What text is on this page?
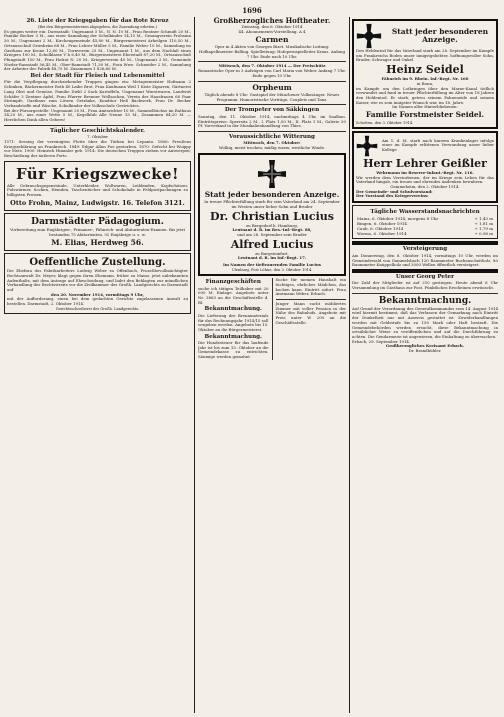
1696
26. Liste der Kriegsgaben für das Rote Kreuz
(Bei den Bürgermeistereien abgegeben, die Zusendung erbeten.)

Es gingen weiter ein: Darmstadt: Ungenannt 5 M., N. N. 10 M., Frau Rentner Schmidt 20 M., Familie Becker 3 M., aus einer Sammlung der Schulkinder 14,15 M., Gesangverein Frohsinn 30 M., Ungenannt 2 M., Kirchengemeinde 45,80 M., Bürgermeisterei Arheilgen 110,50 M., Ortsausschuß Griesheim 68 M., Frau Lehrer Müller 5 M., Familie Weber 10 M., Sammlung im Gasthaus zur Krone 12,60 M., Turnverein 25 M., Ungenannt 1 M., aus dem Nachlaß eines Kriegers 100 M., Schulklasse V b 6,40 M., Bürgermeisterei Eberstadt 87,20 M., Ortsausschuß Pfungstadt 150 M., Frau Hofrat N. 20 M., Kriegerverein 40 M., Ungenannt 3 M., Gemeinde Nieder-Ramstadt 56,45 M., Ober-Ramstadt 71,30 M., Frau Wwe. Schneider 2 M., Sammlung der Arbeiter der Fabrik 48,75 M. Zusammen 1 826,60 M.

Bei der Stadt für Fleisch und Lebensmittel

Für die Verpflegung durchziehender Truppen gingen ein: Metzgermeister Hofmann 2 Schinken, Bäckermeister Roth 40 Laibe Brot, Frau Kaufmann Weil 1 Kiste Zigarren, Gärtnerei Lang Obst und Gemüse, Familie Diehl 2 Sack Kartoffeln, Ungenannt Wurstwaren, Landwirt Schäfer 3 Zentner Äpfel, Frau Pfarrer Brenner Wollsachen, Verein der Hausfrauen 60 Paar Strümpfe, Gasthaus zum Löwen Getränke, Konditor Heß Backwerk, Frau Dr. Becker Verbandstoffe und Wäsche, Schulkinder der Volksschule Gestricktes.

Bei der Fürsorgestelle: Ungenannt 20 M., Frau Amtsrichter 10 M., Sammelbüchse im Rathaus 34,20 M., aus einer Wette 5 M., Kegelklub Alle Neune 15 M., Zusammen 84,20 M. — Herzlichen Dank allen Gebern!

Täglicher Geschichtskalender.
7. Oktober

1571: Seesieg der vereinigten Flotte über die Türken bei Lepanto. 1806: Preußens Kriegserklärung an Frankreich. 1849: Edgar Allan Poe gestorben. 1870: Gefecht bei Woippy vor Metz. 1900: Heinrich Himmler geb. 1914: Die deutschen Truppen stehen vor Antwerpen; Beschießung der äußeren Forts.

Für Kriegszwecke!

Alle Gebrauchsgegenstände, Unterkleider, Wollwaren, Leibbinden, Kopfschützer, Pulswärmer, Socken, Hemden, Taschentücher und Schokolade in Feldpostpackungen zu billigsten Preisen.

Otto Frohn, Mainz, Ludwigstr. 16. Telefon 3121.
Darmstädter Pädagogium.

Vorbereitung zum Einjährigen-, Primaner-, Fähnrich- und Abiturienten-Examen. Bis jetzt bestanden 75 Abiturienten, 92 Einjährige u. s. w.

M. Elias, Herdweg 56.
Oeffentliche Zustellung.

Die Ehefrau des Fabrikarbeiters Ludwig Weber zu Offenbach, Prozeßbevollmächtigter Rechtsanwalt Dr. Meyer, klagt gegen ihren Ehemann, früher zu Mainz, jetzt unbekannten Aufenthalts, mit dem Antrage auf Ehescheidung, und ladet den Beklagten zur mündlichen Verhandlung des Rechtsstreits vor die Zivilkammer des Großh. Landgerichts zu Darmstadt auf

den 20. November 1914, vormittags 9 Uhr,

mit der Aufforderung, einen bei dem gedachten Gerichte zugelassenen Anwalt zu bestellen. Darmstadt, 2. Oktober 1914.

Gerichtsschreiberei des Großh. Landgerichts.
Großherzogliches Hoftheater.
Dienstag, den 6. Oktober 1914
44. Abonnements-Vorstellung. A 4
Carmen

Oper in 4 Akten von Georges Bizet. Musikalische Leitung: Hofkapellmeister Balling. Spielleitung: Hofopernspielleiter Kraus. Anfang 7 Uhr. Ende nach 10 Uhr.

Mittwoch, den 7. Oktober 1914 — Der Freischütz

Romantische Oper in 3 Aufzügen von Carl Maria von Weber. Anfang 7 Uhr. Ende gegen 10 Uhr.

Orpheum

Täglich abends 8 Uhr: Gastspiel der Münchener Volkssänger. Neues Programm. Humoristische Vorträge, Couplets und Tanz.

Der Trompeter von Säkkingen

Sonntag, den 11. Oktober 1914, nachmittags 4 Uhr, im Saalbau. Eintrittspreise: Sperrsitz 2 M., I. Platz 1,50 M., II. Platz 1 M., Galerie 50 Pf. Vorverkauf in der Musikalienhandlung von Thies.

Voraussichtliche Witterung
Mittwoch, den 7. Oktober:
Wolkig, meist trocken, mäßig warm, westliche Winde.
Statt jeder besonderen Anzeige.

In treuer Pflichterfüllung starb für sein Vaterland am 24. September im Westen unser lieber Sohn und Bruder

Dr. Christian Lucius
zu Bergedorf b. Hamburg,
Leutnant d. R. im Res.-Inf.-Regt. 88,
und am 28. September sein Bruder
Alfred Lucius
zu Burgsteinfurt,
Leutnant d. R. im Inf.-Regt. 17.
Im Namen der tieftrauernden Familie Lucius
Ulenburg, Post Löhne, den 3. Oktober 1914.
Finanzgeschäften

suche ich tätigen Teilhaber mit 20 000 M. Einlage. Angebote unter Nr. 3863 an die Geschäftsstelle d. Bl.

Bekanntmachung.

Die Lieferung des Brennmaterials für das Rechnungsjahr 1914/15 soll vergeben werden. Angebote bis 15. Oktober an die Bürgermeisterei.

Bekanntmachung.

Die Hundesteuer für das laufende Jahr ist bis zum 15. Oktober an die Gemeindekasse zu entrichten. Säumige werden gemahnt.

Suche für meinen Haushalt ein tüchtiges, ehrliches Mädchen, das kochen kann. Eintritt sofort. Frau Amtmann Weber, Erbach.

Junger Mann sucht möbliertes Zimmer mit voller Pension in der Nähe des Bahnhofs. Angebote mit Preis unter W 200 an die Geschäftsstelle.

Statt jeder besonderen Anzeige.

Den Heldentod für das Vaterland starb am 28. September im Kampfe um Frankreichs Boden unser innigstgeliebter, hoffnungsvoller Sohn, Bruder, Schwager und Onkel

Heinz Seidel
Fähnrich im 9. Rhein. Inf.-Regt. Nr. 160
in Bonn,

im Kampfe um den Lothringen über den Marne-Kanal tödlich verwundet und fand in treuer Pflichterfüllung im Alter von 18 Jahren den Heldentod. Er starb, getreu seinem Fahneneide und seinem Kaiser, wie es sein innigster Wunsch war, im 18. Jahre.

Im Namen aller Hinterbliebenen:
Familie Forstmeister Seidel.
Schotten, den 3. Oktober 1914.

Am 1. d. M. starb nach kurzem Krankenlager infolge einer im Kampfe erlittenen Verwundung unser lieber Kollege

Herr Lehrer Geißler
Wehrmann im Reserve-Infant.-Regt. Nr. 116.

Wir werden dem Verstorbenen, der im Kriege sein Leben für das Vaterland hingab, ein treues und ehrendes Andenken bewahren.

Gemmeheim, den 2. Oktober 1914.
Der Gemeinde- und Schulvorstand:
Der Vorstand des Kriegervereins:
Tägliche Wasserstandsnachrichten
Mainz, 6. Oktober 1914, morgens 8 Uhr	+ 1,43 m
Bingen, 6. Oktober 1914	+ 1,81 m
Caub, 6. Oktober 1914	+ 1,79 m
Worms, 6. Oktober 1914	+ 0,98 m
Versteigerung

Am Donnerstag, den 8. Oktober 1914, vormittags 10 Uhr, werden im Gemeindewald von Gammelsbach 120 Raummeter Buchenscheitholz, 80 Raummeter Knüppelholz und 3000 Wellen öffentlich versteigert.

Unser Georg Peter

Die Zahl der Mitglieder ist auf 210 gestiegen. Heute abend 8 Uhr Versammlung im Gasthaus zur Post. Pünktliches Erscheinen erwünscht.

Bekanntmachung.

Auf Grund der Verordnung des Generalkommandos vom 14. August 1914 wird hiermit bestimmt, daß das Verlassen der Gemarkung nach Eintritt der Dunkelheit nur mit Ausweis gestattet ist. Zuwiderhandlungen werden mit Geldstrafe bis zu 150 Mark oder Haft bestraft. Die Gemeindebehörden werden ersucht, diese Bekanntmachung in ortsüblicher Weise zu veröffentlichen und auf die Durchführung zu achten. Die Gendarmerie ist angewiesen, die Einhaltung zu überwachen.

Erbach, 29. September 1914.
Großherzogliches Kreisamt Erbach.
Dr. Brandhübler.
